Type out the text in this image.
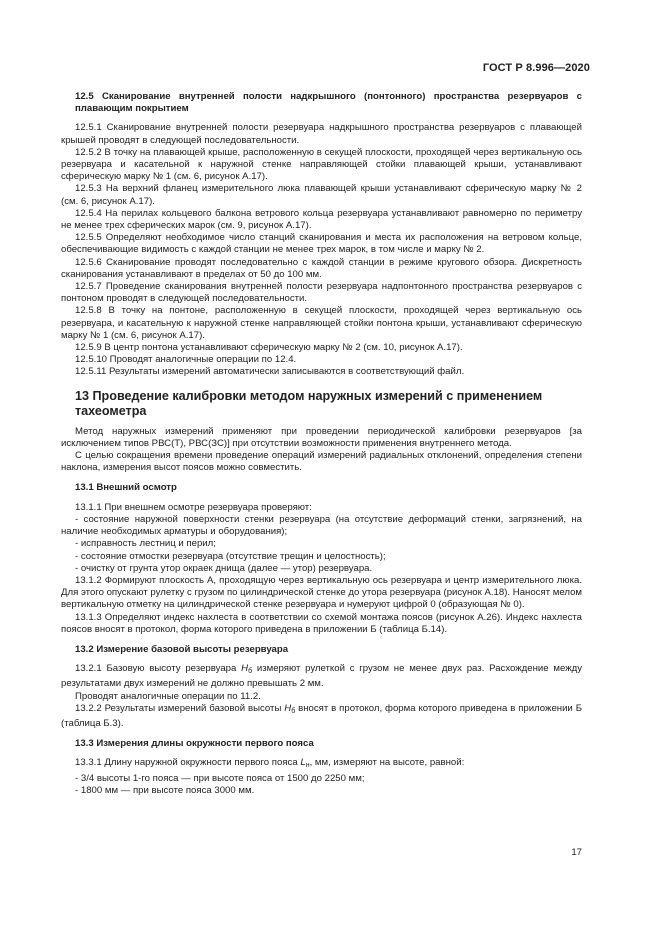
ГОСТ Р 8.996—2020

12.5 Сканирование внутренней полости надкрышного (понтонного) пространства резервуаров с плавающим покрытием

12.5.1 Сканирование внутренней полости резервуара надкрышного пространства резервуаров с плавающей крышей проводят в следующей последовательности.

12.5.2 В точку на плавающей крыше, расположенную в секущей плоскости, проходящей через вертикальную ось резервуара и касательной к наружной стенке направляющей стойки плавающей крыши, устанавливают сферическую марку № 1 (см. 6, рисунок А.17).

12.5.3 На верхний фланец измерительного люка плавающей крыши устанавливают сферическую марку № 2 (см. 6, рисунок А.17).

12.5.4 На перилах кольцевого балкона ветрового кольца резервуара устанавливают равномерно по периметру не менее трех сферических марок (см. 9, рисунок А.17).

12.5.5 Определяют необходимое число станций сканирования и места их расположения на ветровом кольце, обеспечивающие видимость с каждой станции не менее трех марок, в том числе и марку № 2.

12.5.6 Сканирование проводят последовательно с каждой станции в режиме кругового обзора. Дискретность сканирования устанавливают в пределах от 50 до 100 мм.

12.5.7 Проведение сканирования внутренней полости резервуара надпонтонного пространства резервуаров с понтоном проводят в следующей последовательности.

12.5.8 В точку на понтоне, расположенную в секущей плоскости, проходящей через вертикальную ось резервуара, и касательную к наружной стенке направляющей стойки понтона крыши, устанавливают сферическую марку № 1 (см. 6, рисунок А.17).

12.5.9 В центр понтона устанавливают сферическую марку № 2 (см. 10, рисунок А.17).

12.5.10 Проводят аналогичные операции по 12.4.

12.5.11 Результаты измерений автоматически записываются в соответствующий файл.

13 Проведение калибровки методом наружных измерений с применением тахеометра

Метод наружных измерений применяют при проведении периодической калибровки резервуаров [за исключением типов РВС(Т), РВС(ЗС)] при отсутствии возможности применения внутреннего метода.

С целью сокращения времени проведение операций измерений радиальных отклонений, определения степени наклона, измерения высот поясов можно совместить.

13.1 Внешний осмотр

13.1.1 При внешнем осмотре резервуара проверяют:

- состояние наружной поверхности стенки резервуара (на отсутствие деформаций стенки, загрязнений, на наличие необходимых арматуры и оборудования);

- исправность лестниц и перил;

- состояние отмостки резервуара (отсутствие трещин и целостность);

- очистку от грунта утор окраек днища (далее — утор) резервуара.

13.1.2 Формируют плоскость А, проходящую через вертикальную ось резервуара и центр измерительного люка. Для этого опускают рулетку с грузом по цилиндрической стенке до утора резервуара (рисунок А.18). Наносят мелом вертикальную отметку на цилиндрической стенке резервуара и нумеруют цифрой 0 (образующая № 0).

13.1.3 Определяют индекс нахлеста в соответствии со схемой монтажа поясов (рисунок А.26). Индекс нахлеста поясов вносят в протокол, форма которого приведена в приложении Б (таблица Б.14).

13.2 Измерение базовой высоты резервуара

13.2.1 Базовую высоту резервуара $H_б$ измеряют рулеткой с грузом не менее двух раз. Расхождение между результатами двух измерений не должно превышать 2 мм.

Проводят аналогичные операции по 11.2.

13.2.2 Результаты измерений базовой высоты $H_б$ вносят в протокол, форма которого приведена в приложении Б (таблица Б.3).

13.3 Измерения длины окружности первого пояса

13.3.1 Длину наружной окружности первого пояса $L_н$, мм, измеряют на высоте, равной:

- 3/4 высоты 1-го пояса — при высоте пояса от 1500 до 2250 мм;

- 1800 мм — при высоте пояса 3000 мм.

17
